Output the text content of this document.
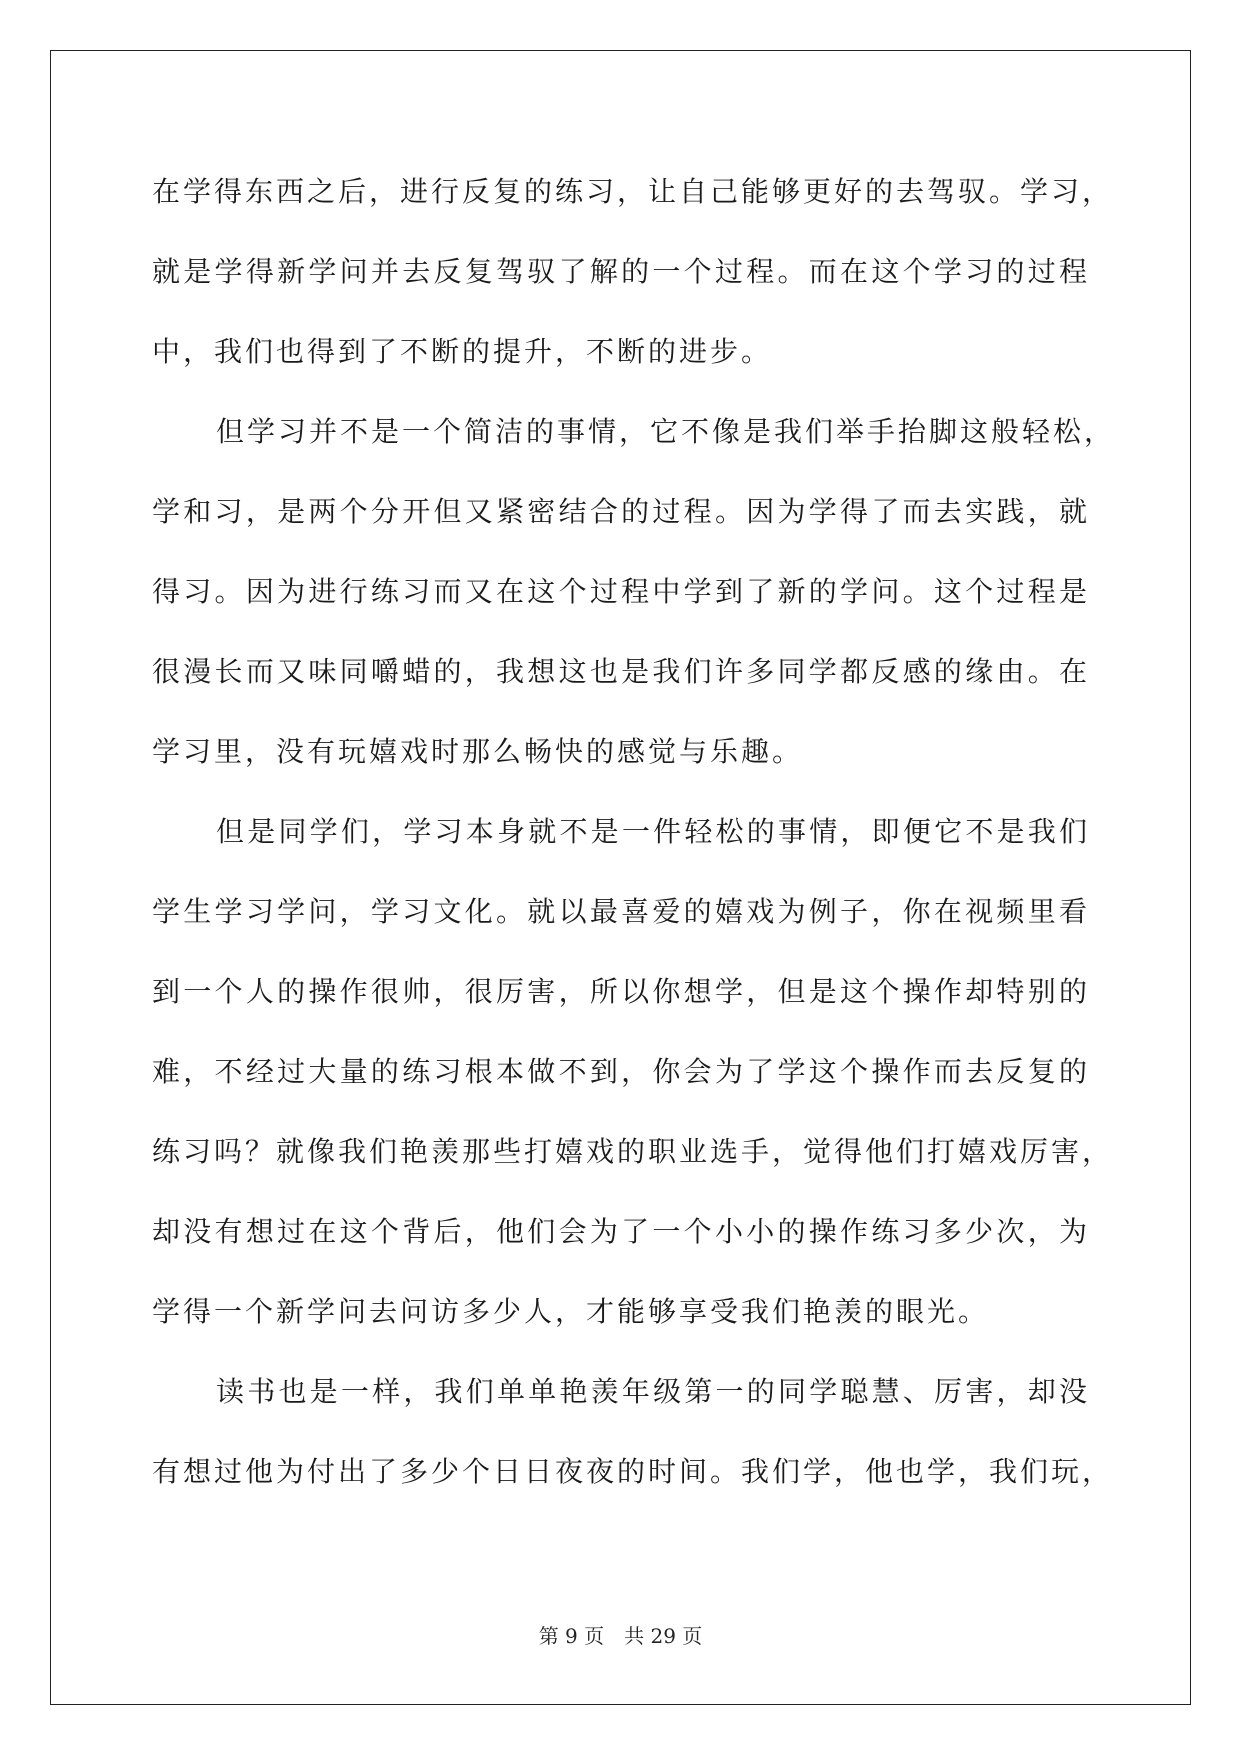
在学得东西之后，进行反复的练习，让自己能够更好的去驾驭。学习，
就是学得新学问并去反复驾驭了解的一个过程。而在这个学习的过程
中，我们也得到了不断的提升，不断的进步。
但学习并不是一个简洁的事情，它不像是我们举手抬脚这般轻松，
学和习，是两个分开但又紧密结合的过程。因为学得了而去实践，就
得习。因为进行练习而又在这个过程中学到了新的学问。这个过程是
很漫长而又味同嚼蜡的，我想这也是我们许多同学都反感的缘由。在
学习里，没有玩嬉戏时那么畅快的感觉与乐趣。
但是同学们，学习本身就不是一件轻松的事情，即便它不是我们
学生学习学问，学习文化。就以最喜爱的嬉戏为例子，你在视频里看
到一个人的操作很帅，很厉害，所以你想学，但是这个操作却特别的
难，不经过大量的练习根本做不到，你会为了学这个操作而去反复的
练习吗？就像我们艳羡那些打嬉戏的职业选手，觉得他们打嬉戏厉害，
却没有想过在这个背后，他们会为了一个小小的操作练习多少次，为
学得一个新学问去问访多少人，才能够享受我们艳羡的眼光。
读书也是一样，我们单单艳羡年级第一的同学聪慧、厉害，却没
有想过他为付出了多少个日日夜夜的时间。我们学，他也学，我们玩，
第 9 页　共 29 页
